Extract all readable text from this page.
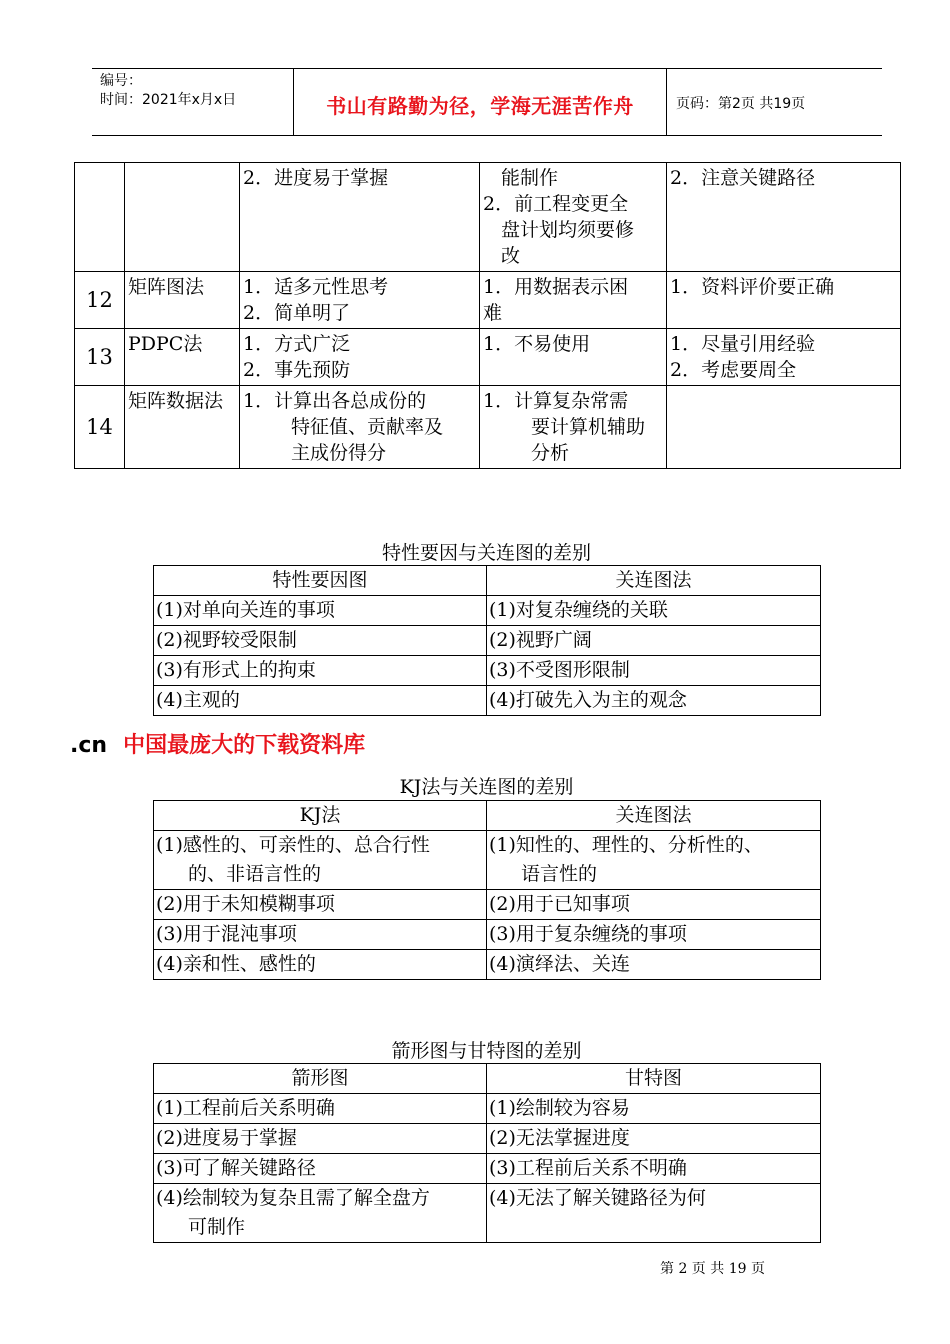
编号：
时间：2021年x月x日	书山有路勤为径，学海无涯苦作舟	页码：第2页 共19页

		2．进度易于掌握	能制作
2．前工程变更全
盘计划均须要修
改	2．注意关键路径

12	矩阵图法	1．适多元性思考
2．简单明了	1．用数据表示困
难	1．资料评价要正确

13	PDPC法	1．方式广泛
2．事先预防	1．不易使用	1．尽量引用经验
2．考虑要周全

14	矩阵数据法	1．计算出各总成份的
特征值、贡献率及
主成份得分	1．计算复杂常需
要计算机辅助
分析	

特性要因与关连图的差别
特性要因图	关连图法
(1)对单向关连的事项	(1)对复杂缠绕的关联
(2)视野较受限制	(2)视野广阔
(3)有形式上的拘束	(3)不受图形限制
(4)主观的	(4)打破先入为主的观念
.cn 中国最庞大的下载资料库
KJ法与关连图的差别
KJ法	关连图法

(1)感性的、可亲性的、总合行性
的、非语言性的	(1)知性的、理性的、分析性的、
语言性的

(2)用于未知模糊事项	(2)用于已知事项
(3)用于混沌事项	(3)用于复杂缠绕的事项
(4)亲和性、感性的	(4)演绎法、关连
箭形图与甘特图的差别
箭形图	甘特图
(1)工程前后关系明确	(1)绘制较为容易
(2)进度易于掌握	(2)无法掌握进度
(3)可了解关键路径	(3)工程前后关系不明确

(4)绘制较为复杂且需了解全盘方
可制作	(4)无法了解关键路径为何
第 2 页 共 19 页
